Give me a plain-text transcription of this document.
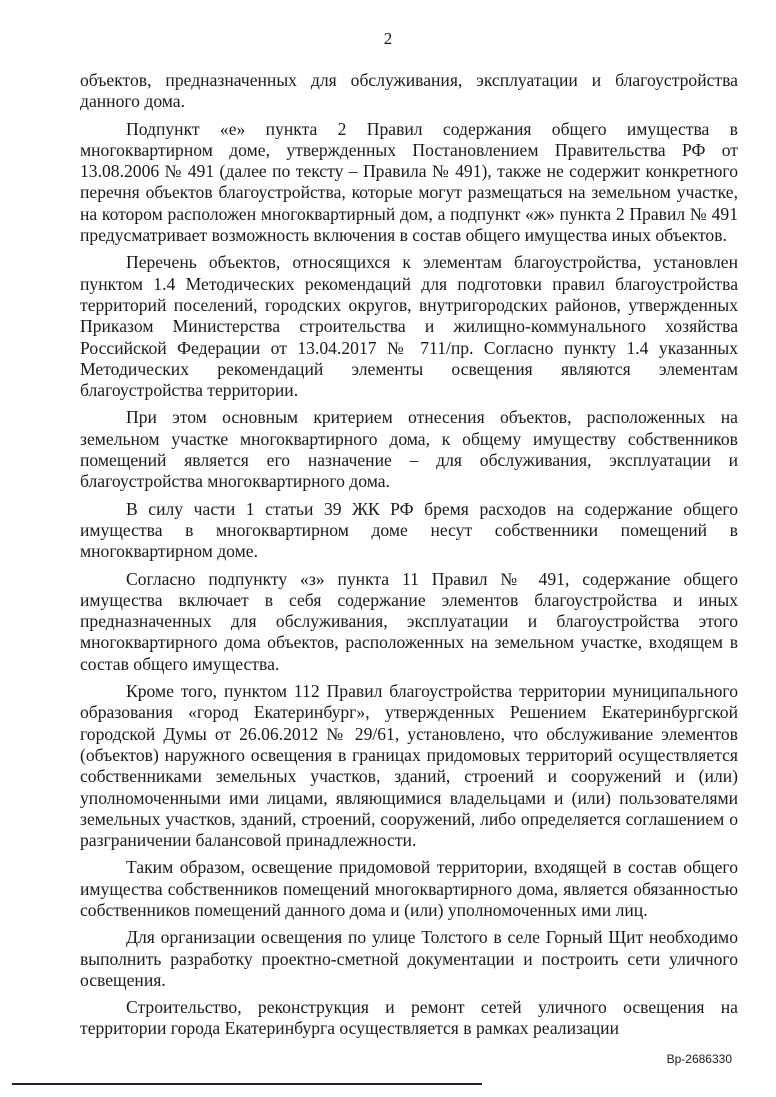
2

объектов, предназначенных для обслуживания, эксплуатации и благоустройства данного дома.

Подпункт «е» пункта 2 Правил содержания общего имущества в многоквартирном доме, утвержденных Постановлением Правительства РФ от 13.08.2006 № 491 (далее по тексту – Правила № 491), также не содержит конкретного перечня объектов благоустройства, которые могут размещаться на земельном участке, на котором расположен многоквартирный дом, а подпункт «ж» пункта 2 Правил № 491 предусматривает возможность включения в состав общего имущества иных объектов.

Перечень объектов, относящихся к элементам благоустройства, установлен пунктом 1.4 Методических рекомендаций для подготовки правил благоустройства территорий поселений, городских округов, внутригородских районов, утвержденных Приказом Министерства строительства и жилищно-коммунального хозяйства Российской Федерации от 13.04.2017 № 711/пр. Согласно пункту 1.4 указанных Методических рекомендаций элементы освещения являются элементам благоустройства территории.

При этом основным критерием отнесения объектов, расположенных на земельном участке многоквартирного дома, к общему имуществу собственников помещений является его назначение – для обслуживания, эксплуатации и благоустройства многоквартирного дома.

В силу части 1 статьи 39 ЖК РФ бремя расходов на содержание общего имущества в многоквартирном доме несут собственники помещений в многоквартирном доме.

Согласно подпункту «з» пункта 11 Правил № 491, содержание общего имущества включает в себя содержание элементов благоустройства и иных предназначенных для обслуживания, эксплуатации и благоустройства этого многоквартирного дома объектов, расположенных на земельном участке, входящем в состав общего имущества.

Кроме того, пунктом 112 Правил благоустройства территории муниципального образования «город Екатеринбург», утвержденных Решением Екатеринбургской городской Думы от 26.06.2012 № 29/61, установлено, что обслуживание элементов (объектов) наружного освещения в границах придомовых территорий осуществляется собственниками земельных участков, зданий, строений и сооружений и (или) уполномоченными ими лицами, являющимися владельцами и (или) пользователями земельных участков, зданий, строений, сооружений, либо определяется соглашением о разграничении балансовой принадлежности.

Таким образом, освещение придомовой территории, входящей в состав общего имущества собственников помещений многоквартирного дома, является обязанностью собственников помещений данного дома и (или) уполномоченных ими лиц.

Для организации освещения по улице Толстого в селе Горный Щит необходимо выполнить разработку проектно-сметной документации и построить сети уличного освещения.

Строительство, реконструкция и ремонт сетей уличного освещения на территории города Екатеринбурга осуществляется в рамках реализации

Вр-2686330
